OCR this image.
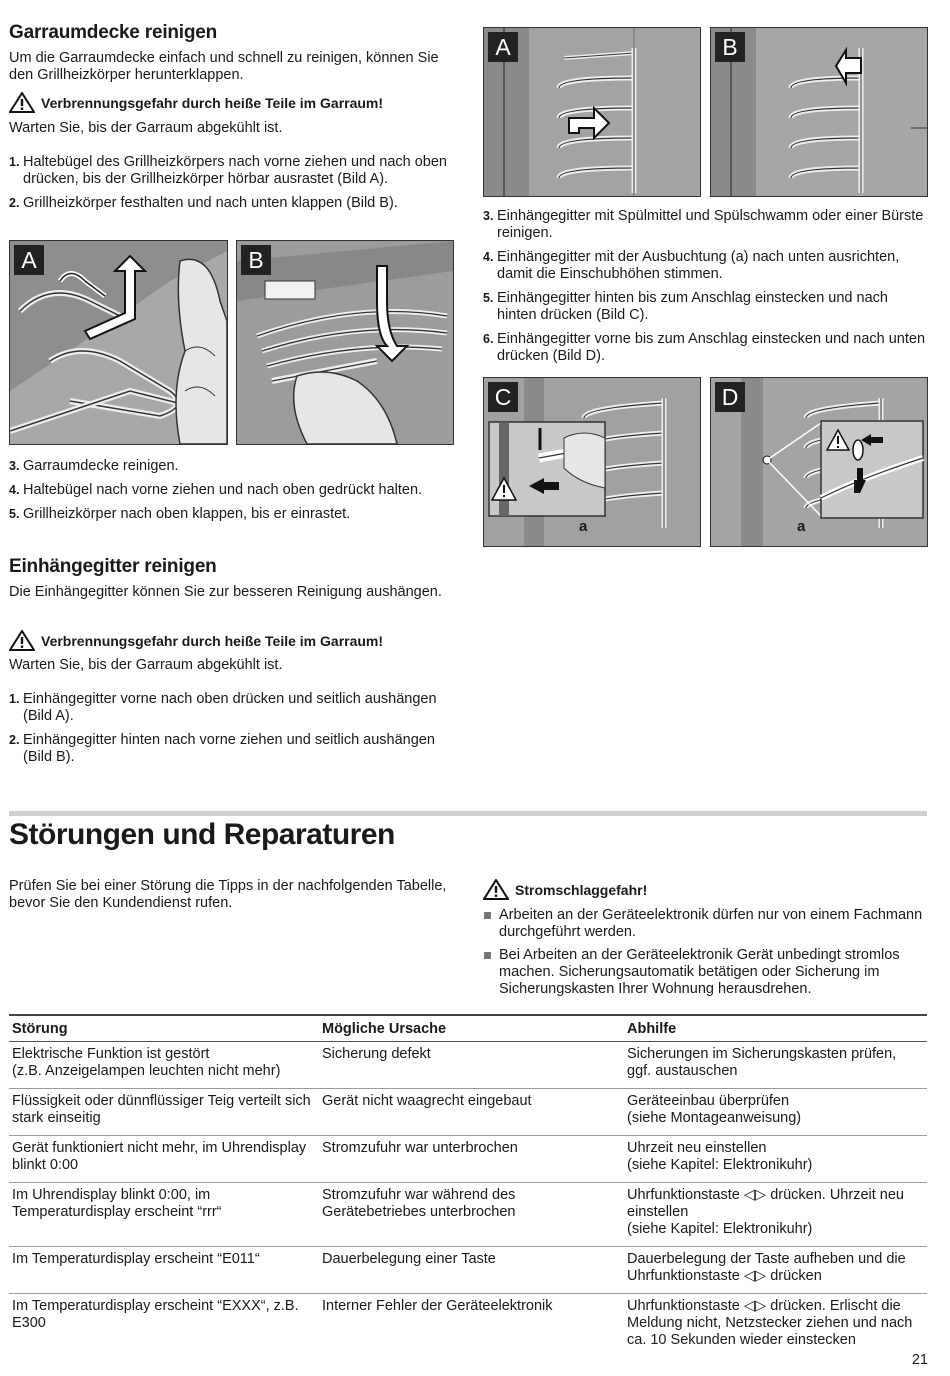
Garraumdecke reinigen

Um die Garraumdecke einfach und schnell zu reinigen, können Sie den Grillheizkörper herunterklappen.

Verbrennungsgefahr durch heiße Teile im Garraum!

Warten Sie, bis der Garraum abgekühlt ist.

1. Haltebügel des Grillheizkörpers nach vorne ziehen und nach oben drücken, bis der Grillheizkörper hörbar ausrastet (Bild A).
2. Grillheizkörper festhalten und nach unten klappen (Bild B).
A	B
3. Garraumdecke reinigen.
4. Haltebügel nach vorne ziehen und nach oben gedrückt halten.
5. Grillheizkörper nach oben klappen, bis er einrastet.
Einhängegitter reinigen

Die Einhängegitter können Sie zur besseren Reinigung aushängen.

Verbrennungsgefahr durch heiße Teile im Garraum!

Warten Sie, bis der Garraum abgekühlt ist.

1. Einhängegitter vorne nach oben drücken und seitlich aushängen (Bild A).
2. Einhängegitter hinten nach vorne ziehen und seitlich aushängen (Bild B).
A	B
3. Einhängegitter mit Spülmittel und Spülschwamm oder einer Bürste reinigen.
4. Einhängegitter mit der Ausbuchtung (a) nach unten ausrichten, damit die Einschubhöhen stimmen.
5. Einhängegitter hinten bis zum Anschlag einstecken und nach hinten drücken (Bild C).
6. Einhängegitter vorne bis zum Anschlag einstecken und nach unten drücken (Bild D).
C
a
D
a
Störungen und Reparaturen

Prüfen Sie bei einer Störung die Tipps in der nachfolgenden Tabelle, bevor Sie den Kundendienst rufen.

Stromschlaggefahr!
Arbeiten an der Geräteelektronik dürfen nur von einem Fachmann durchgeführt werden.
Bei Arbeiten an der Geräteelektronik Gerät unbedingt stromlos machen. Sicherungsautomatik betätigen oder Sicherung im Sicherungskasten Ihrer Wohnung herausdrehen.
Störung	Mögliche Ursache	Abhilfe
Elektrische Funktion ist gestört
(z.B. Anzeigelampen leuchten nicht mehr)	Sicherung defekt	Sicherungen im Sicherungskasten prüfen, ggf. austauschen
Flüssigkeit oder dünnflüssiger Teig verteilt sich stark einseitig	Gerät nicht waagrecht eingebaut	Geräteeinbau überprüfen
(siehe Montageanweisung)
Gerät funktioniert nicht mehr, im Uhrendisplay blinkt 0:00	Stromzufuhr war unterbrochen	Uhrzeit neu einstellen
(siehe Kapitel: Elektronikuhr)
Im Uhrendisplay blinkt 0:00, im Temperaturdisplay erscheint “rrr“	Stromzufuhr war während des Gerätebetriebes unterbrochen	Uhrfunktionstaste ◁▷ drücken. Uhrzeit neu einstellen
(siehe Kapitel: Elektronikuhr)
Im Temperaturdisplay erscheint “E011“	Dauerbelegung einer Taste	Dauerbelegung der Taste aufheben und die Uhrfunktionstaste ◁▷ drücken
Im Temperaturdisplay erscheint “EXXX“, z.B. E300	Interner Fehler der Geräteelektronik	Uhrfunktionstaste ◁▷ drücken. Erlischt die Meldung nicht, Netzstecker ziehen und nach ca. 10 Sekunden wieder einstecken
21
